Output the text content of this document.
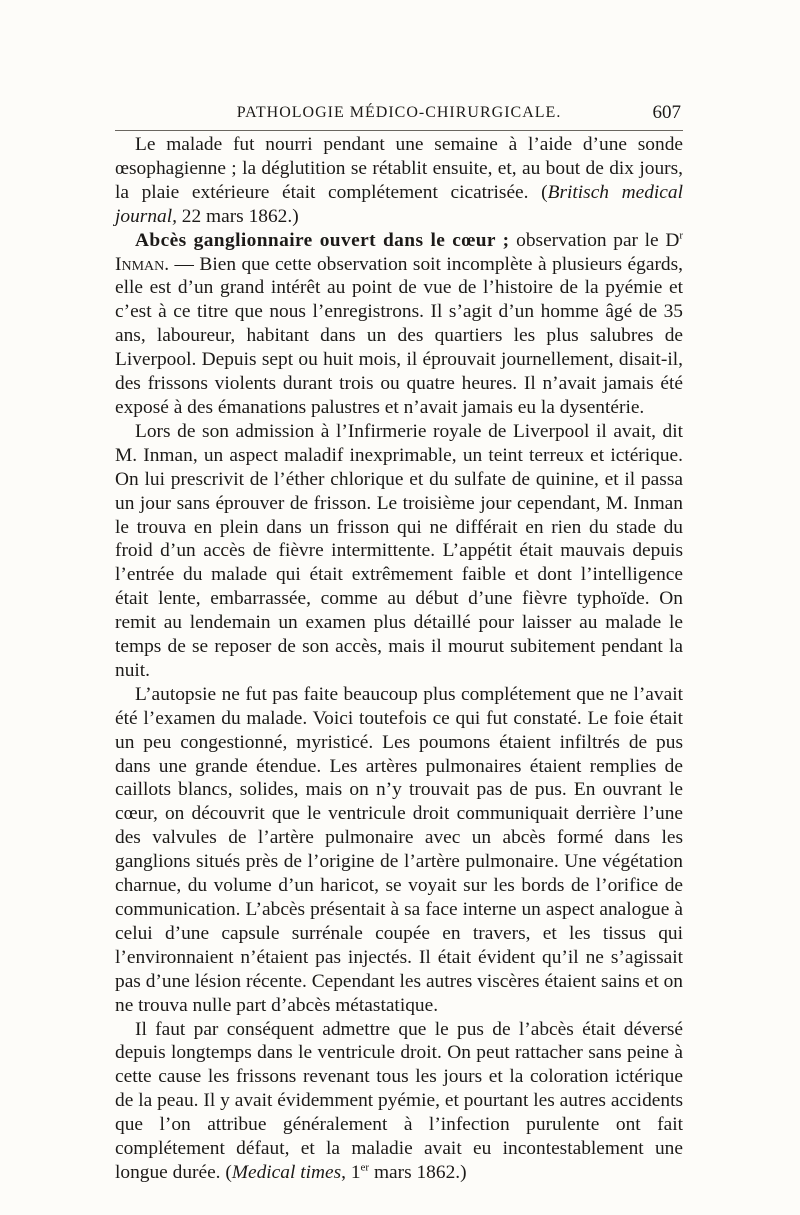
PATHOLOGIE MÉDICO-CHIRURGICALE.	607

Le malade fut nourri pendant une semaine à l’aide d’une sonde œsophagienne ; la déglutition se rétablit ensuite, et, au bout de dix jours, la plaie extérieure était complétement cicatrisée. (Britisch medical journal, 22 mars 1862.)

Abcès ganglionnaire ouvert dans le cœur ; observation par le $D^r$ Inman. — Bien que cette observation soit incomplète à plusieurs égards, elle est d’un grand intérêt au point de vue de l’histoire de la pyémie et c’est à ce titre que nous l’enregistrons. Il s’agit d’un homme âgé de 35 ans, laboureur, habitant dans un des quartiers les plus salubres de Liverpool. Depuis sept ou huit mois, il éprouvait journellement, disait-il, des frissons violents durant trois ou quatre heures. Il n’avait jamais été exposé à des émanations palustres et n’avait jamais eu la dysentérie.

Lors de son admission à l’Infirmerie royale de Liverpool il avait, dit M. Inman, un aspect maladif inexprimable, un teint terreux et ictérique. On lui prescrivit de l’éther chlorique et du sulfate de quinine, et il passa un jour sans éprouver de frisson. Le troisième jour cependant, M. Inman le trouva en plein dans un frisson qui ne différait en rien du stade du froid d’un accès de fièvre intermittente. L’appétit était mauvais depuis l’entrée du malade qui était extrêmement faible et dont l’intelligence était lente, embarrassée, comme au début d’une fièvre typhoïde. On remit au lendemain un examen plus détaillé pour laisser au malade le temps de se reposer de son accès, mais il mourut subitement pendant la nuit.

L’autopsie ne fut pas faite beaucoup plus complétement que ne l’avait été l’examen du malade. Voici toutefois ce qui fut constaté. Le foie était un peu congestionné, myristicé. Les poumons étaient infiltrés de pus dans une grande étendue. Les artères pulmonaires étaient remplies de caillots blancs, solides, mais on n’y trouvait pas de pus. En ouvrant le cœur, on découvrit que le ventricule droit communiquait derrière l’une des valvules de l’artère pulmonaire avec un abcès formé dans les ganglions situés près de l’origine de l’artère pulmonaire. Une végétation charnue, du volume d’un haricot, se voyait sur les bords de l’orifice de communication. L’abcès présentait à sa face interne un aspect analogue à celui d’une capsule surrénale coupée en travers, et les tissus qui l’environnaient n’étaient pas injectés. Il était évident qu’il ne s’agissait pas d’une lésion récente. Cependant les autres viscères étaient sains et on ne trouva nulle part d’abcès métastatique.

Il faut par conséquent admettre que le pus de l’abcès était déversé depuis longtemps dans le ventricule droit. On peut rattacher sans peine à cette cause les frissons revenant tous les jours et la coloration ictérique de la peau. Il y avait évidemment pyémie, et pourtant les autres accidents que l’on attribue généralement à l’infection purulente ont fait complétement défaut, et la maladie avait eu incontestablement une longue durée. (Medical times, 1er mars 1862.)
